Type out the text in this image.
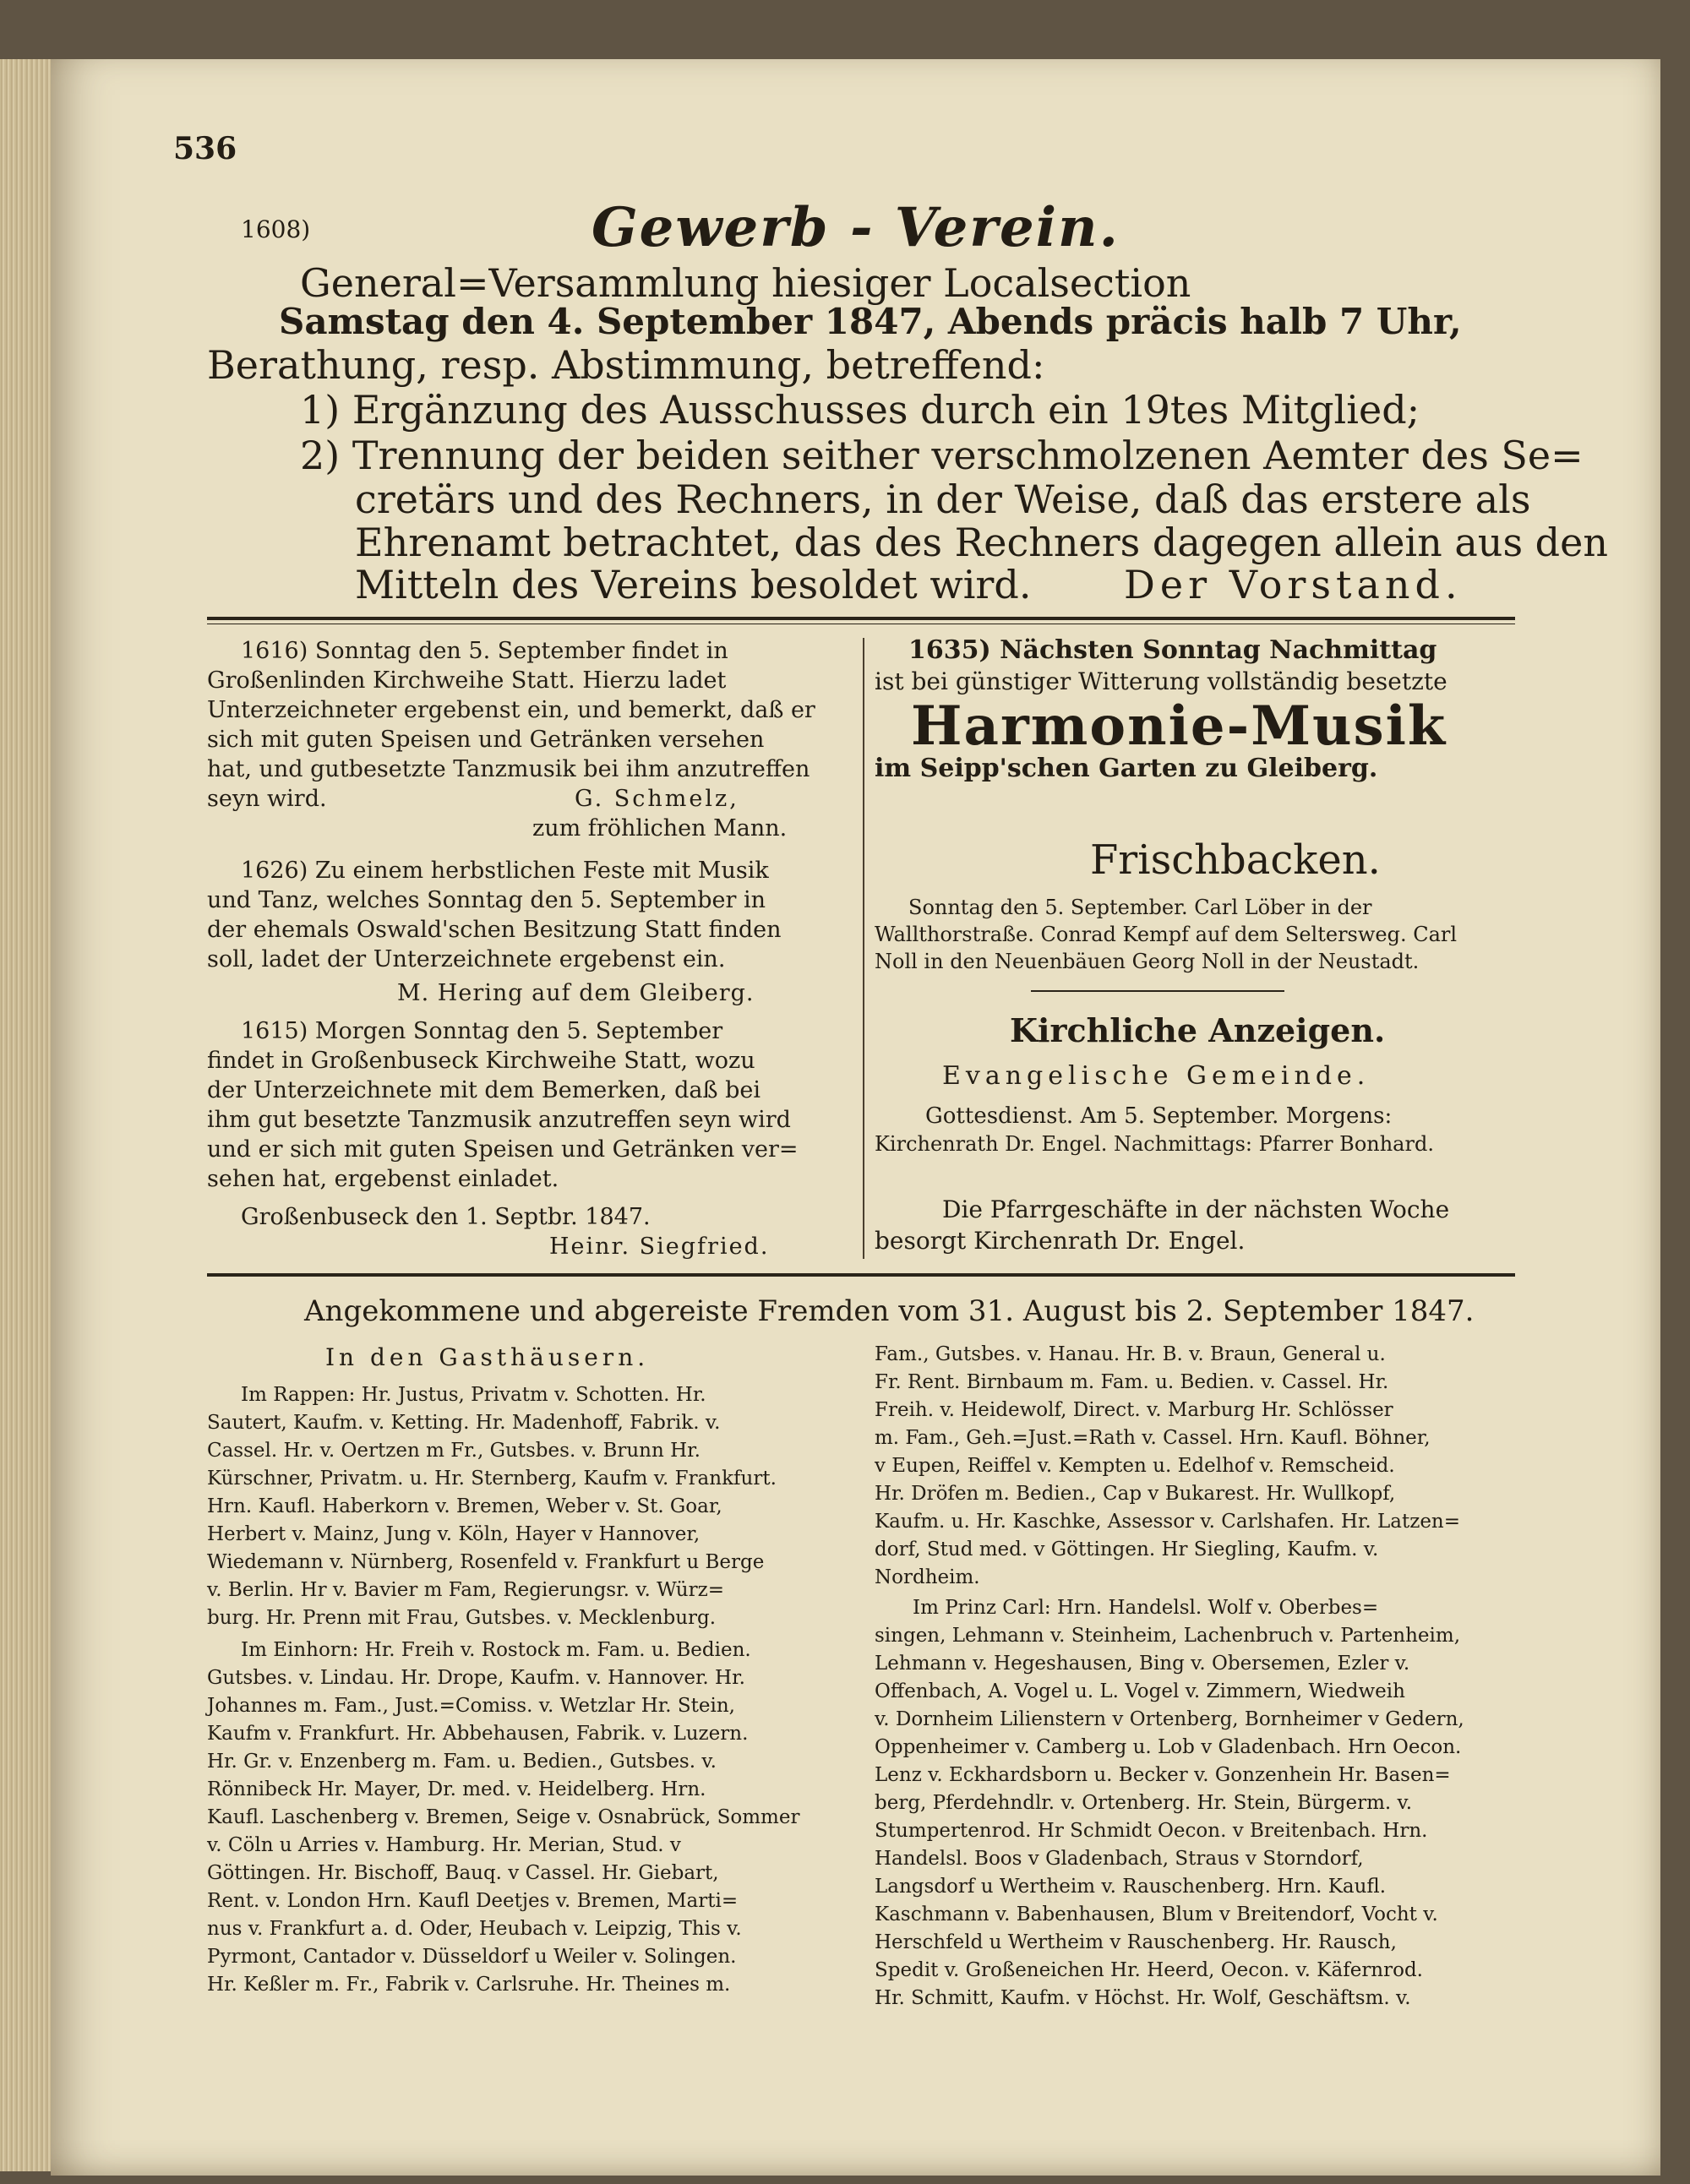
536
1608)	Gewerb - Verein.
General=Versammlung hiesiger Localsection
Samstag den 4. September 1847, Abends präcis halb 7 Uhr,
Berathung, resp. Abstimmung, betreffend:
1) Ergänzung des Ausschusses durch ein 19tes Mitglied;
2) Trennung der beiden seither verschmolzenen Aemter des Se=
cretärs und des Rechners, in der Weise, daß das erstere als
Ehrenamt betrachtet, das des Rechners dagegen allein aus den
Mitteln des Vereins besoldet wird. Der Vorstand.
1616) Sonntag den 5. September findet in
Großenlinden Kirchweihe Statt. Hierzu ladet
Unterzeichneter ergebenst ein, und bemerkt, daß er
sich mit guten Speisen und Getränken versehen
hat, und gutbesetzte Tanzmusik bei ihm anzutreffen
seyn wird.	G. Schmelz,
zum fröhlichen Mann.
1626) Zu einem herbstlichen Feste mit Musik
und Tanz, welches Sonntag den 5. September in
der ehemals Oswald'schen Besitzung Statt finden
soll, ladet der Unterzeichnete ergebenst ein.
M. Hering auf dem Gleiberg.
1615) Morgen Sonntag den 5. September
findet in Großenbuseck Kirchweihe Statt, wozu
der Unterzeichnete mit dem Bemerken, daß bei
ihm gut besetzte Tanzmusik anzutreffen seyn wird
und er sich mit guten Speisen und Getränken ver=
sehen hat, ergebenst einladet.
Großenbuseck den 1. Septbr. 1847.
Heinr. Siegfried.
1635) Nächsten Sonntag Nachmittag
ist bei günstiger Witterung vollständig besetzte
Harmonie-Musik
im Seipp'schen Garten zu Gleiberg.
Frischbacken.
Sonntag den 5. September. Carl Löber in der
Wallthorstraße. Conrad Kempf auf dem Seltersweg. Carl
Noll in den Neuenbäuen Georg Noll in der Neustadt.
Kirchliche Anzeigen.
Evangelische Gemeinde.
Gottesdienst. Am 5. September. Morgens:
Kirchenrath Dr. Engel. Nachmittags: Pfarrer Bonhard.
Die Pfarrgeschäfte in der nächsten Woche
besorgt Kirchenrath Dr. Engel.
Angekommene und abgereiste Fremden vom 31. August bis 2. September 1847.
In den Gasthäusern.
Im Rappen: Hr. Justus, Privatm v. Schotten. Hr.
Sautert, Kaufm. v. Ketting. Hr. Madenhoff, Fabrik. v.
Cassel. Hr. v. Oertzen m Fr., Gutsbes. v. Brunn Hr.
Kürschner, Privatm. u. Hr. Sternberg, Kaufm v. Frankfurt.
Hrn. Kaufl. Haberkorn v. Bremen, Weber v. St. Goar,
Herbert v. Mainz, Jung v. Köln, Hayer v Hannover,
Wiedemann v. Nürnberg, Rosenfeld v. Frankfurt u Berge
v. Berlin. Hr v. Bavier m Fam, Regierungsr. v. Würz=
burg. Hr. Prenn mit Frau, Gutsbes. v. Mecklenburg.
Im Einhorn: Hr. Freih v. Rostock m. Fam. u. Bedien.
Gutsbes. v. Lindau. Hr. Drope, Kaufm. v. Hannover. Hr.
Johannes m. Fam., Just.=Comiss. v. Wetzlar Hr. Stein,
Kaufm v. Frankfurt. Hr. Abbehausen, Fabrik. v. Luzern.
Hr. Gr. v. Enzenberg m. Fam. u. Bedien., Gutsbes. v.
Rönnibeck Hr. Mayer, Dr. med. v. Heidelberg. Hrn.
Kaufl. Laschenberg v. Bremen, Seige v. Osnabrück, Sommer
v. Cöln u Arries v. Hamburg. Hr. Merian, Stud. v
Göttingen. Hr. Bischoff, Bauq. v Cassel. Hr. Giebart,
Rent. v. London Hrn. Kaufl Deetjes v. Bremen, Marti=
nus v. Frankfurt a. d. Oder, Heubach v. Leipzig, This v.
Pyrmont, Cantador v. Düsseldorf u Weiler v. Solingen.
Hr. Keßler m. Fr., Fabrik v. Carlsruhe. Hr. Theines m.
Fam., Gutsbes. v. Hanau. Hr. B. v. Braun, General u.
Fr. Rent. Birnbaum m. Fam. u. Bedien. v. Cassel. Hr.
Freih. v. Heidewolf, Direct. v. Marburg Hr. Schlösser
m. Fam., Geh.=Just.=Rath v. Cassel. Hrn. Kaufl. Böhner,
v Eupen, Reiffel v. Kempten u. Edelhof v. Remscheid.
Hr. Dröfen m. Bedien., Cap v Bukarest. Hr. Wullkopf,
Kaufm. u. Hr. Kaschke, Assessor v. Carlshafen. Hr. Latzen=
dorf, Stud med. v Göttingen. Hr Siegling, Kaufm. v.
Nordheim.
Im Prinz Carl: Hrn. Handelsl. Wolf v. Oberbes=
singen, Lehmann v. Steinheim, Lachenbruch v. Partenheim,
Lehmann v. Hegeshausen, Bing v. Obersemen, Ezler v.
Offenbach, A. Vogel u. L. Vogel v. Zimmern, Wiedweih
v. Dornheim Lilienstern v Ortenberg, Bornheimer v Gedern,
Oppenheimer v. Camberg u. Lob v Gladenbach. Hrn Oecon.
Lenz v. Eckhardsborn u. Becker v. Gonzenhein Hr. Basen=
berg, Pferdehndlr. v. Ortenberg. Hr. Stein, Bürgerm. v.
Stumpertenrod. Hr Schmidt Oecon. v Breitenbach. Hrn.
Handelsl. Boos v Gladenbach, Straus v Storndorf,
Langsdorf u Wertheim v. Rauschenberg. Hrn. Kaufl.
Kaschmann v. Babenhausen, Blum v Breitendorf, Vocht v.
Herschfeld u Wertheim v Rauschenberg. Hr. Rausch,
Spedit v. Großeneichen Hr. Heerd, Oecon. v. Käfernrod.
Hr. Schmitt, Kaufm. v Höchst. Hr. Wolf, Geschäftsm. v.
